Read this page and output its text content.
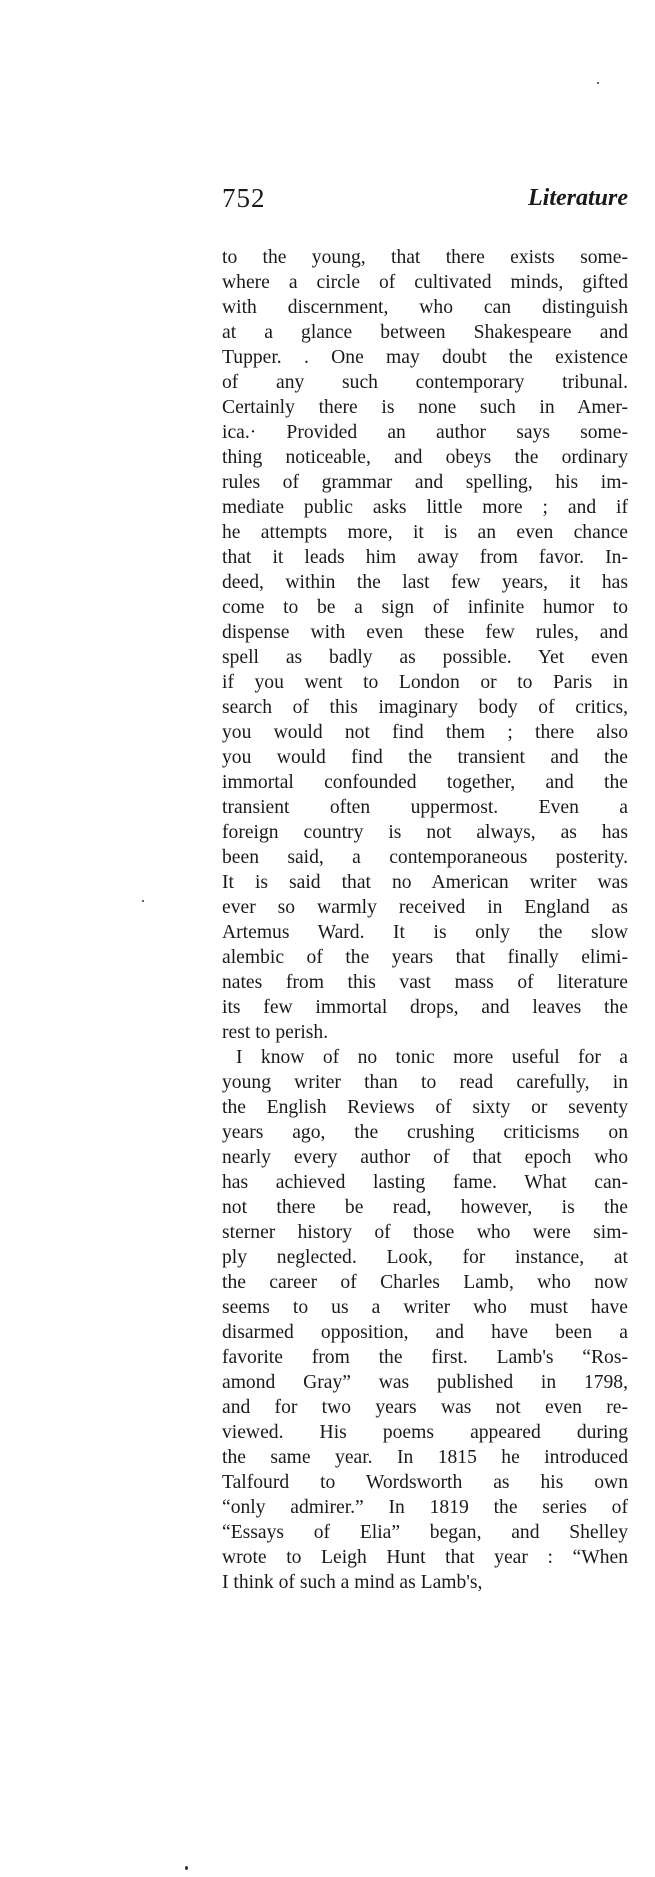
752	Literature
to the young, that there exists some-
where a circle of cultivated minds, gifted
with discernment, who can distinguish
at a glance between Shakespeare and
Tupper. . One may doubt the existence
of any such contemporary tribunal.
Certainly there is none such in Amer-
ica.· Provided an author says some-
thing noticeable, and obeys the ordinary
rules of grammar and spelling, his im-
mediate public asks little more ; and if
he attempts more, it is an even chance
that it leads him away from favor. In-
deed, within the last few years, it has
come to be a sign of infinite humor to
dispense with even these few rules, and
spell as badly as possible. Yet even
if you went to London or to Paris in
search of this imaginary body of critics,
you would not find them ; there also
you would find the transient and the
immortal confounded together, and the
transient often uppermost. Even a
foreign country is not always, as has
been said, a contemporaneous posterity.
It is said that no American writer was
ever so warmly received in England as
Artemus Ward. It is only the slow
alembic of the years that finally elimi-
nates from this vast mass of literature
its few immortal drops, and leaves the
rest to perish.
I know of no tonic more useful for a
young writer than to read carefully, in
the English Reviews of sixty or seventy
years ago, the crushing criticisms on
nearly every author of that epoch who
has achieved lasting fame. What can-
not there be read, however, is the
sterner history of those who were sim-
ply neglected. Look, for instance, at
the career of Charles Lamb, who now
seems to us a writer who must have
disarmed opposition, and have been a
favorite from the first. Lamb's “Ros-
amond Gray” was published in 1798,
and for two years was not even re-
viewed. His poems appeared during
the same year. In 1815 he introduced
Talfourd to Wordsworth as his own
“only admirer.” In 1819 the series of
“Essays of Elia” began, and Shelley
wrote to Leigh Hunt that year : “When
I think of such a mind as Lamb's,
